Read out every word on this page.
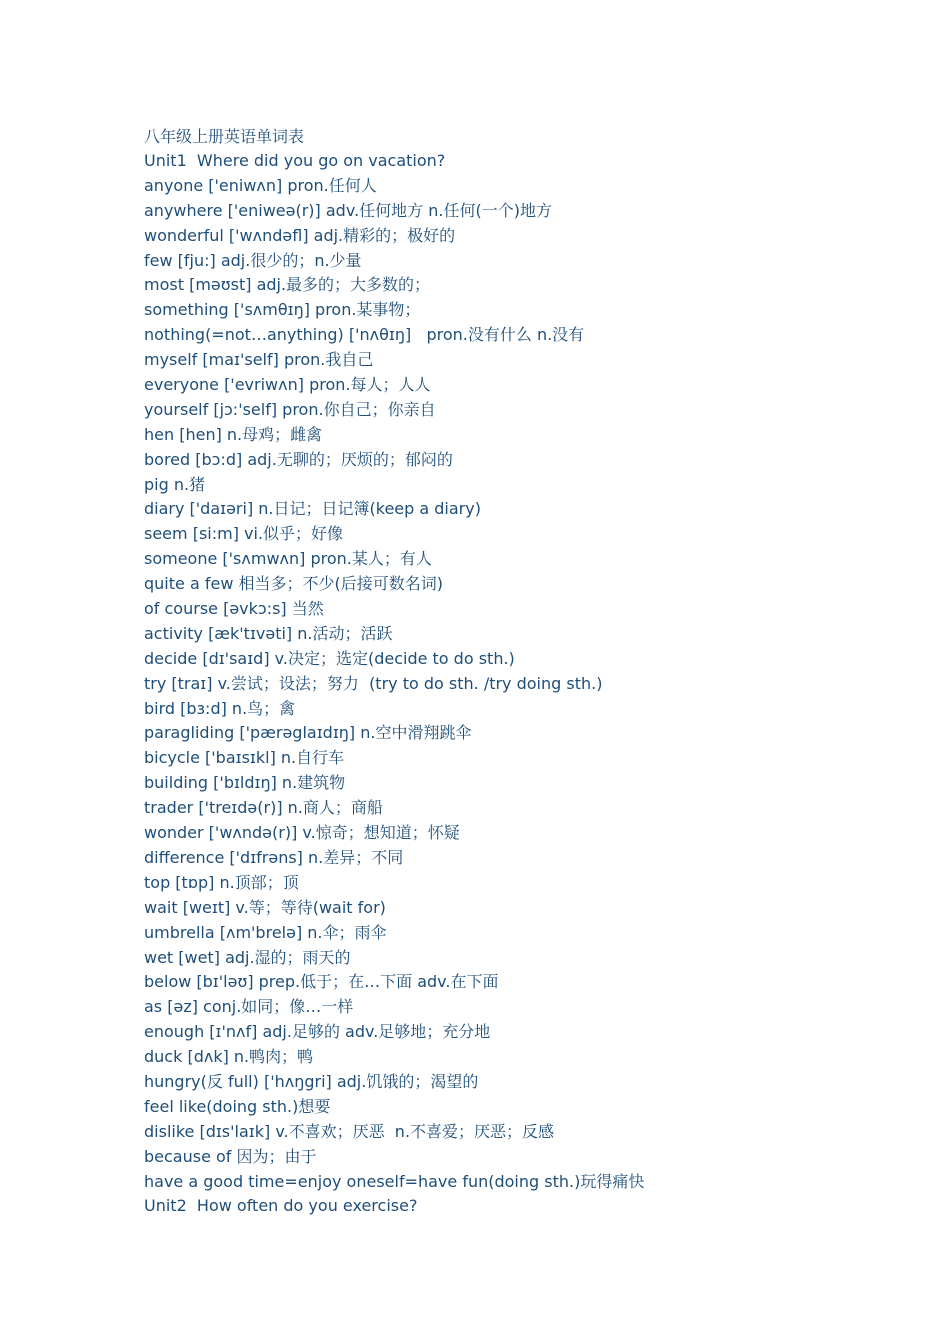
八年级上册英语单词表
Unit1  Where did you go on vacation?
anyone ['eniwʌn] pron.任何人
anywhere ['eniweə(r)] adv.任何地方 n.任何(一个)地方
wonderful ['wʌndəfl] adj.精彩的；极好的
few [fju:] adj.很少的；n.少量
most [məʊst] adj.最多的；大多数的；
something ['sʌmθɪŋ] pron.某事物；
nothing(=not…anything) ['nʌθɪŋ]   pron.没有什么 n.没有
myself [maɪ'self] pron.我自己
everyone ['evriwʌn] pron.每人；人人
yourself [jɔ:'self] pron.你自己；你亲自
hen [hen] n.母鸡；雌禽
bored [bɔ:d] adj.无聊的；厌烦的；郁闷的
pig n.猪
diary ['daɪəri] n.日记；日记簿(keep a diary)
seem [si:m] vi.似乎；好像
someone ['sʌmwʌn] pron.某人；有人
quite a few 相当多；不少(后接可数名词)
of course [əvkɔ:s] 当然
activity [æk'tɪvəti] n.活动；活跃
decide [dɪ'saɪd] v.决定；选定(decide to do sth.)
try [traɪ] v.尝试；设法；努力  (try to do sth. /try doing sth.)
bird [bɜ:d] n.鸟；禽
paragliding ['pærəglaɪdɪŋ] n.空中滑翔跳伞
bicycle ['baɪsɪkl] n.自行车
building ['bɪldɪŋ] n.建筑物
trader ['treɪdə(r)] n.商人；商船
wonder ['wʌndə(r)] v.惊奇；想知道；怀疑
difference ['dɪfrəns] n.差异；不同
top [tɒp] n.顶部；顶
wait [weɪt] v.等；等待(wait for)
umbrella [ʌm'brelə] n.伞；雨伞
wet [wet] adj.湿的；雨天的
below [bɪ'ləʊ] prep.低于；在…下面 adv.在下面
as [əz] conj.如同；像…一样
enough [ɪ'nʌf] adj.足够的 adv.足够地；充分地
duck [dʌk] n.鸭肉；鸭
hungry(反 full) ['hʌŋgri] adj.饥饿的；渴望的
feel like(doing sth.)想要
dislike [dɪs'laɪk] v.不喜欢；厌恶  n.不喜爱；厌恶；反感
because of 因为；由于
have a good time=enjoy oneself=have fun(doing sth.)玩得痛快
Unit2  How often do you exercise?
